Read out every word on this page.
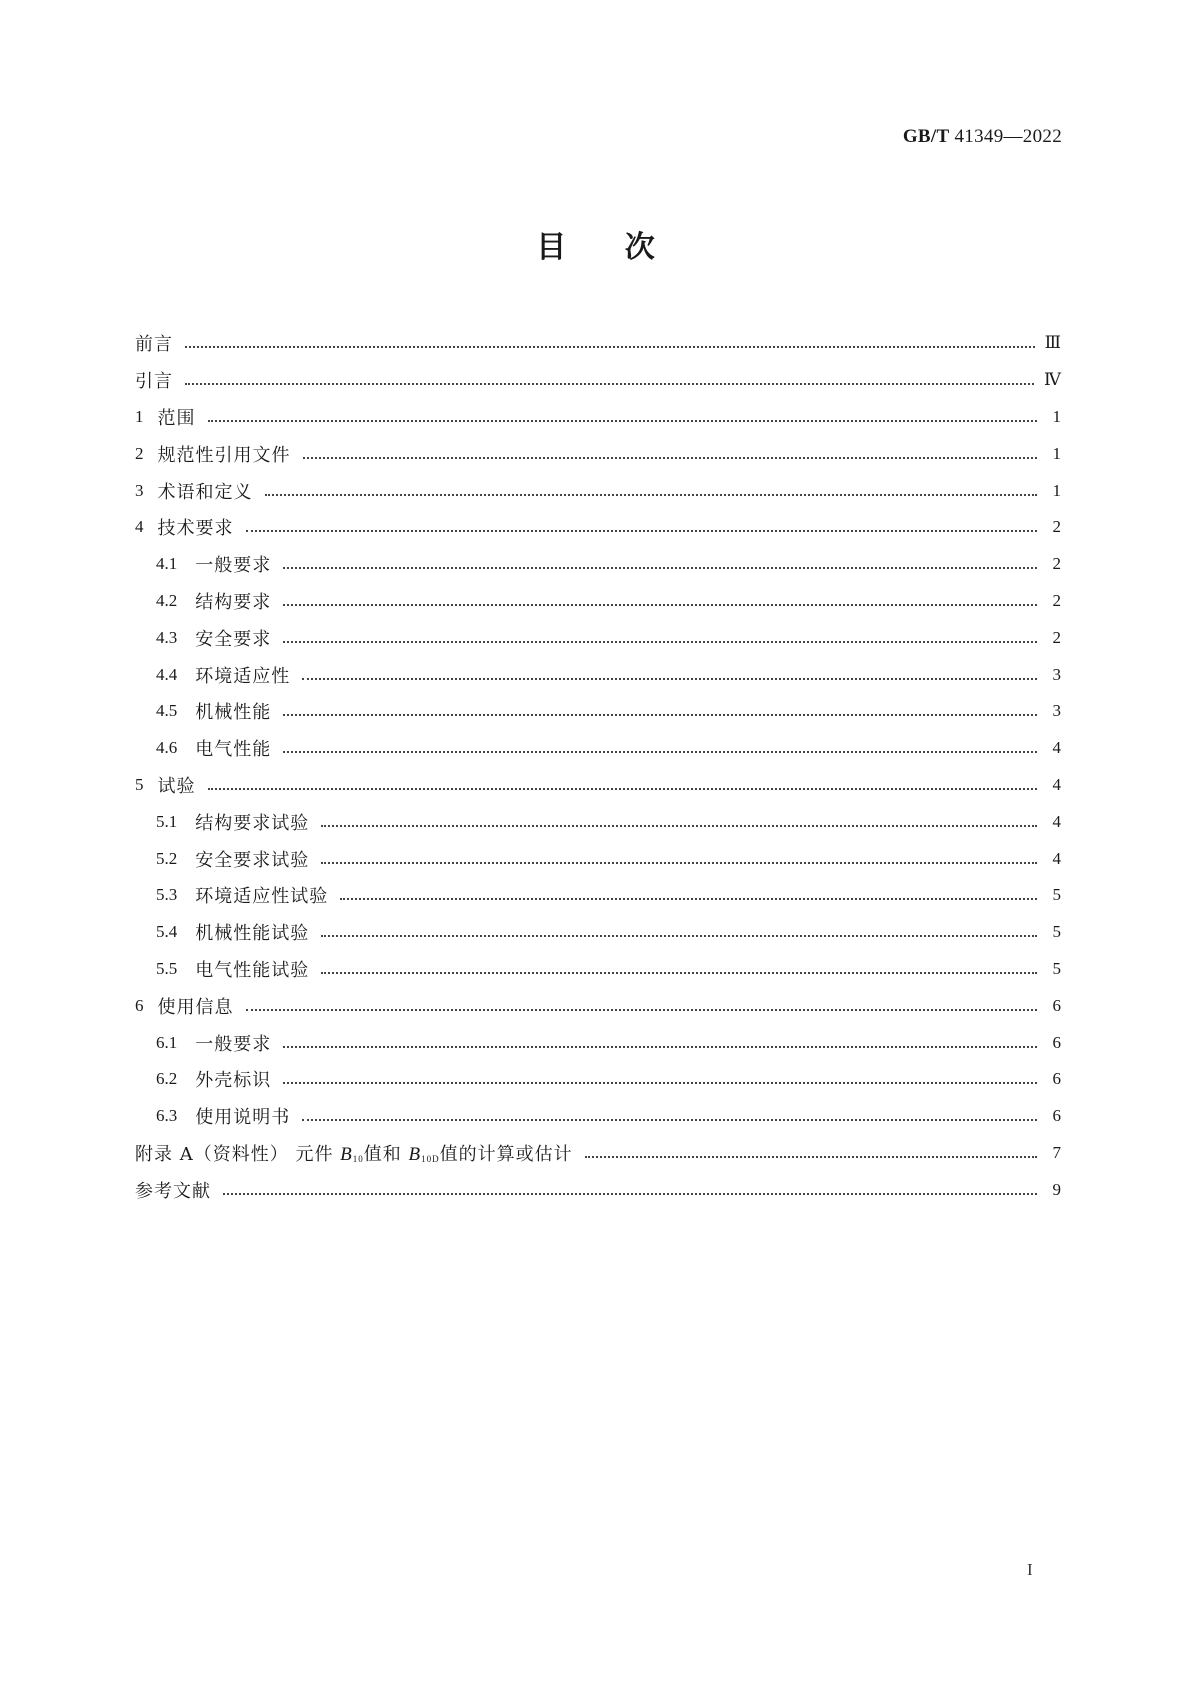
GB/T 41349—2022
目 次
前言	Ⅲ
引言	Ⅳ
1 范围	1
2 规范性引用文件	1
3 术语和定义	1
4 技术要求	2
4.1 一般要求	2
4.2 结构要求	2
4.3 安全要求	2
4.4 环境适应性	3
4.5 机械性能	3
4.6 电气性能	4
5 试验	4
5.1 结构要求试验	4
5.2 安全要求试验	4
5.3 环境适应性试验	5
5.4 机械性能试验	5
5.5 电气性能试验	5
6 使用信息	6
6.1 一般要求	6
6.2 外壳标识	6
6.3 使用说明书	6
附录 A（资料性） 元件 $B_{10}$值和 $B_{10D}$值的计算或估计	7
参考文献	9
I
